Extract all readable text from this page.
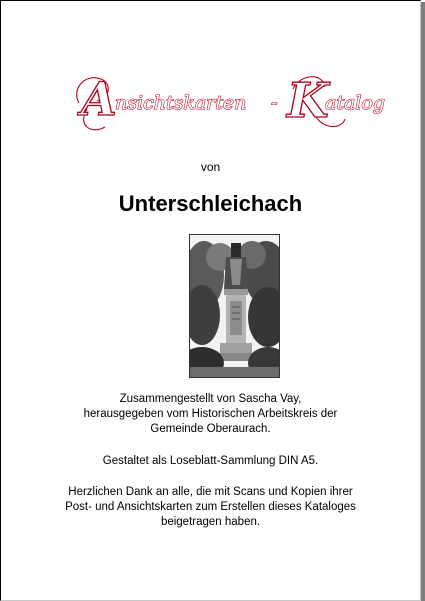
A
nsichtskarten - K
atalog
von
Unterschleichach
Zusammengestellt von Sascha Vay,
herausgegeben vom Historischen Arbeitskreis der
Gemeinde Oberaurach.
Gestaltet als Loseblatt-Sammlung DIN A5.
Herzlichen Dank an alle, die mit Scans und Kopien ihrer
Post- und Ansichtskarten zum Erstellen dieses Kataloges
beigetragen haben.
